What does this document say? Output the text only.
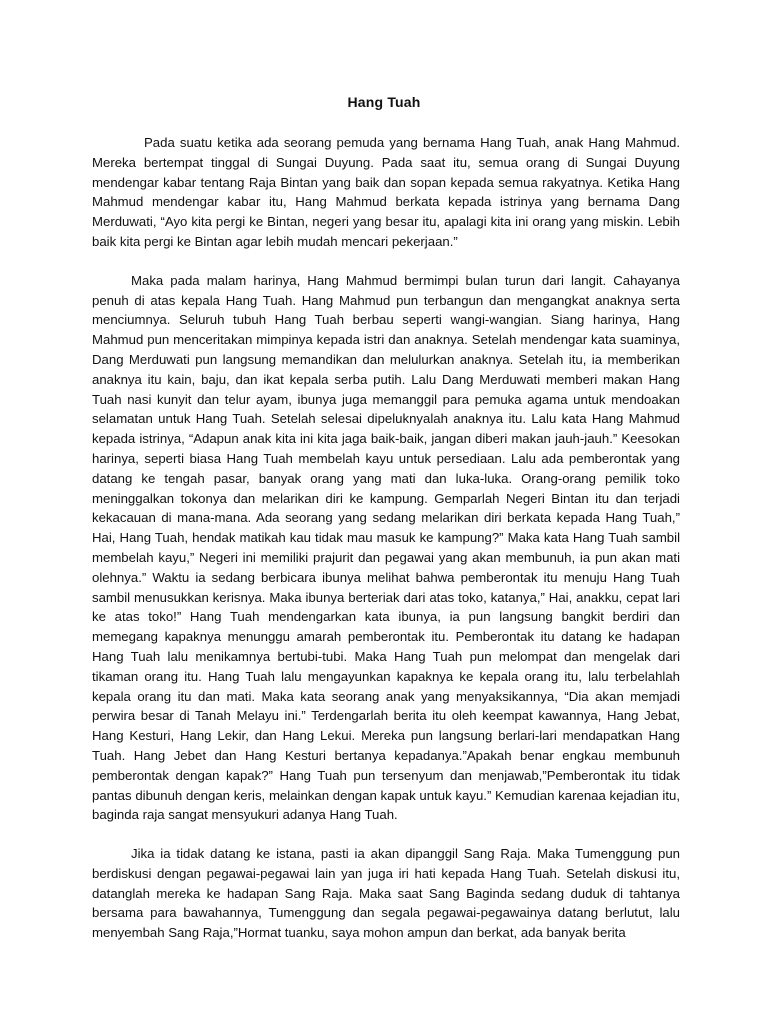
Hang Tuah

Pada suatu ketika ada seorang pemuda yang bernama Hang Tuah, anak Hang Mahmud. Mereka bertempat tinggal di Sungai Duyung. Pada saat itu, semua orang di Sungai Duyung mendengar kabar tentang Raja Bintan yang baik dan sopan kepada semua rakyatnya. Ketika Hang Mahmud mendengar kabar itu, Hang Mahmud berkata kepada istrinya yang bernama Dang Merduwati, “Ayo kita pergi ke Bintan, negeri yang besar itu, apalagi kita ini orang yang miskin. Lebih baik kita pergi ke Bintan agar lebih mudah mencari pekerjaan.”

Maka pada malam harinya, Hang Mahmud bermimpi bulan turun dari langit. Cahayanya penuh di atas kepala Hang Tuah. Hang Mahmud pun terbangun dan mengangkat anaknya serta menciumnya. Seluruh tubuh Hang Tuah berbau seperti wangi-wangian. Siang harinya, Hang Mahmud pun menceritakan mimpinya kepada istri dan anaknya. Setelah mendengar kata suaminya, Dang Merduwati pun langsung memandikan dan melulurkan anaknya. Setelah itu, ia memberikan anaknya itu kain, baju, dan ikat kepala serba putih. Lalu Dang Merduwati memberi makan Hang Tuah nasi kunyit dan telur ayam, ibunya juga memanggil para pemuka agama untuk mendoakan selamatan untuk Hang Tuah. Setelah selesai dipeluknyalah anaknya itu. Lalu kata Hang Mahmud kepada istrinya, “Adapun anak kita ini kita jaga baik-baik, jangan diberi makan jauh-jauh.” Keesokan harinya, seperti biasa Hang Tuah membelah kayu untuk persediaan. Lalu ada pemberontak yang datang ke tengah pasar, banyak orang yang mati dan luka-luka. Orang-orang pemilik toko meninggalkan tokonya dan melarikan diri ke kampung. Gemparlah Negeri Bintan itu dan terjadi kekacauan di mana-mana. Ada seorang yang sedang melarikan diri berkata kepada Hang Tuah,” Hai, Hang Tuah, hendak matikah kau tidak mau masuk ke kampung?” Maka kata Hang Tuah sambil membelah kayu,” Negeri ini memiliki prajurit dan pegawai yang akan membunuh, ia pun akan mati olehnya.” Waktu ia sedang berbicara ibunya melihat bahwa pemberontak itu menuju Hang Tuah sambil menusukkan kerisnya. Maka ibunya berteriak dari atas toko, katanya,” Hai, anakku, cepat lari ke atas toko!” Hang Tuah mendengarkan kata ibunya, ia pun langsung bangkit berdiri dan memegang kapaknya menunggu amarah pemberontak itu. Pemberontak itu datang ke hadapan Hang Tuah lalu menikamnya bertubi-tubi. Maka Hang Tuah pun melompat dan mengelak dari tikaman orang itu. Hang Tuah lalu mengayunkan kapaknya ke kepala orang itu, lalu terbelahlah kepala orang itu dan mati. Maka kata seorang anak yang menyaksikannya, “Dia akan memjadi perwira besar di Tanah Melayu ini.” Terdengarlah berita itu oleh keempat kawannya, Hang Jebat, Hang Kesturi, Hang Lekir, dan Hang Lekui. Mereka pun langsung berlari-lari mendapatkan Hang Tuah. Hang Jebet dan Hang Kesturi bertanya kepadanya.”Apakah benar engkau membunuh pemberontak dengan kapak?” Hang Tuah pun tersenyum dan menjawab,”Pemberontak itu tidak pantas dibunuh dengan keris, melainkan dengan kapak untuk kayu.” Kemudian karenaa kejadian itu, baginda raja sangat mensyukuri adanya Hang Tuah.

Jika ia tidak datang ke istana, pasti ia akan dipanggil Sang Raja. Maka Tumenggung pun berdiskusi dengan pegawai-pegawai lain yan juga iri hati kepada Hang Tuah. Setelah diskusi itu, datanglah mereka ke hadapan Sang Raja. Maka saat Sang Baginda sedang duduk di tahtanya bersama para bawahannya, Tumenggung dan segala pegawai-pegawainya datang berlutut, lalu menyembah Sang Raja,”Hormat tuanku, saya mohon ampun dan berkat, ada banyak berita
